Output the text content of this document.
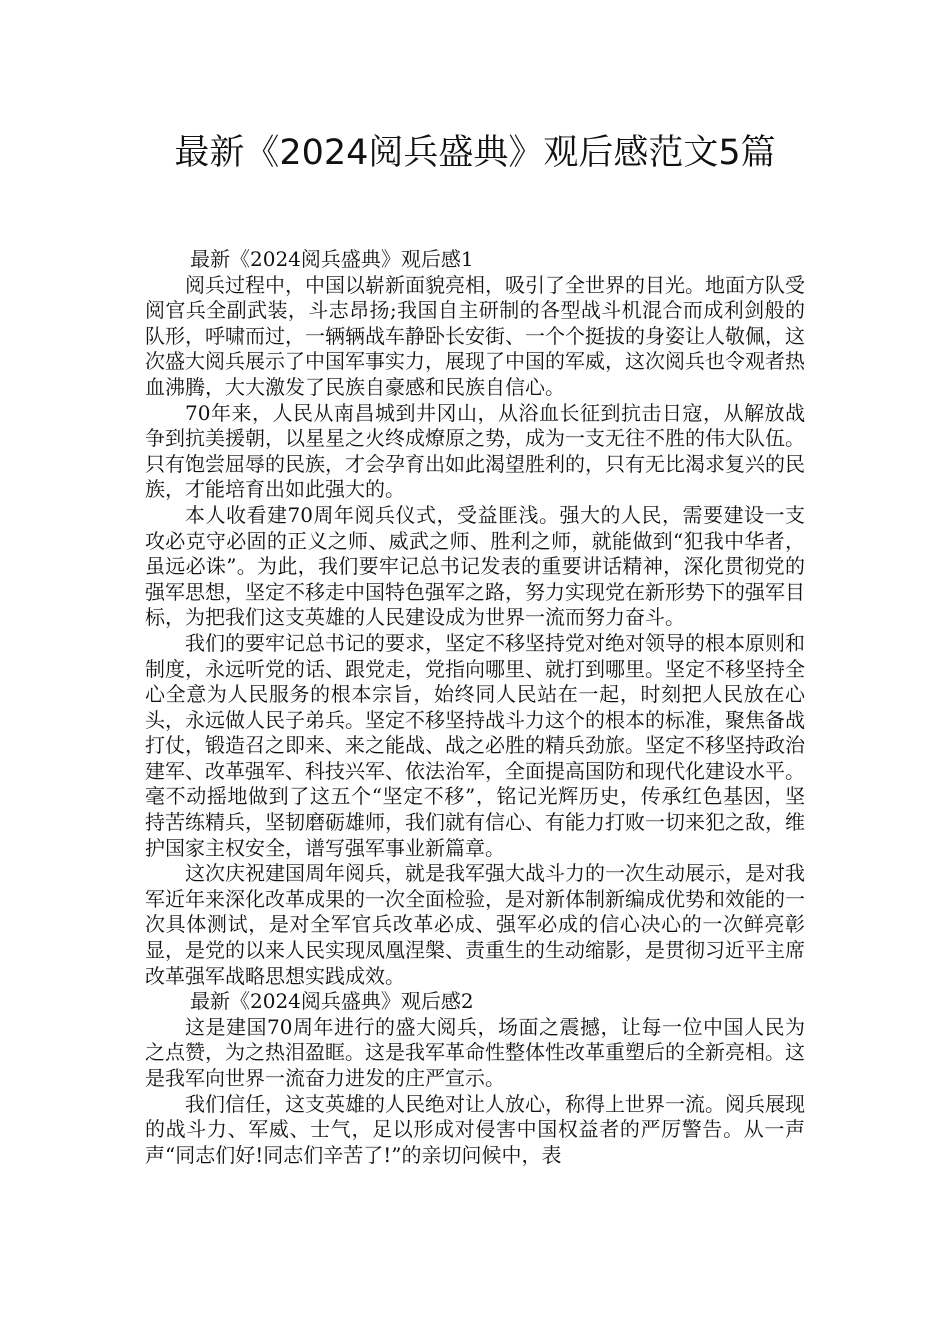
最新《2024阅兵盛典》观后感范文5篇

最新《2024阅兵盛典》观后感1

阅兵过程中，中国以崭新面貌亮相，吸引了全世界的目光。地面方队受阅官兵全副武装，斗志昂扬;我国自主研制的各型战斗机混合而成利剑般的队形，呼啸而过，一辆辆战车静卧长安街、一个个挺拔的身姿让人敬佩，这次盛大阅兵展示了中国军事实力，展现了中国的军威，这次阅兵也令观者热血沸腾，大大激发了民族自豪感和民族自信心。

70年来，人民从南昌城到井冈山，从浴血长征到抗击日寇，从解放战争到抗美援朝，以星星之火终成燎原之势，成为一支无往不胜的伟大队伍。只有饱尝屈辱的民族，才会孕育出如此渴望胜利的，只有无比渴求复兴的民族，才能培育出如此强大的。

本人收看建70周年阅兵仪式，受益匪浅。强大的人民，需要建设一支攻必克守必固的正义之师、威武之师、胜利之师，就能做到“犯我中华者，虽远必诛”。为此，我们要牢记总书记发表的重要讲话精神，深化贯彻党的强军思想，坚定不移走中国特色强军之路，努力实现党在新形势下的强军目标，为把我们这支英雄的人民建设成为世界一流而努力奋斗。

我们的要牢记总书记的要求，坚定不移坚持党对绝对领导的根本原则和制度，永远听党的话、跟党走，党指向哪里、就打到哪里。坚定不移坚持全心全意为人民服务的根本宗旨，始终同人民站在一起，时刻把人民放在心头，永远做人民子弟兵。坚定不移坚持战斗力这个的根本的标准，聚焦备战打仗，锻造召之即来、来之能战、战之必胜的精兵劲旅。坚定不移坚持政治建军、改革强军、科技兴军、依法治军，全面提高国防和现代化建设水平。毫不动摇地做到了这五个“坚定不移”，铭记光辉历史，传承红色基因，坚持苦练精兵，坚韧磨砺雄师，我们就有信心、有能力打败一切来犯之敌，维护国家主权安全，谱写强军事业新篇章。

这次庆祝建国周年阅兵，就是我军强大战斗力的一次生动展示，是对我军近年来深化改革成果的一次全面检验，是对新体制新编成优势和效能的一次具体测试，是对全军官兵改革必成、强军必成的信心决心的一次鲜亮彰显，是党的以来人民实现凤凰涅槃、责重生的生动缩影，是贯彻习近平主席改革强军战略思想实践成效。

最新《2024阅兵盛典》观后感2

这是建国70周年进行的盛大阅兵，场面之震撼，让每一位中国人民为之点赞，为之热泪盈眶。这是我军革命性整体性改革重塑后的全新亮相。这是我军向世界一流奋力进发的庄严宣示。

我们信任，这支英雄的人民绝对让人放心，称得上世界一流。阅兵展现的战斗力、军威、士气，足以形成对侵害中国权益者的严厉警告。从一声声“同志们好!同志们辛苦了!”的亲切问候中，表
